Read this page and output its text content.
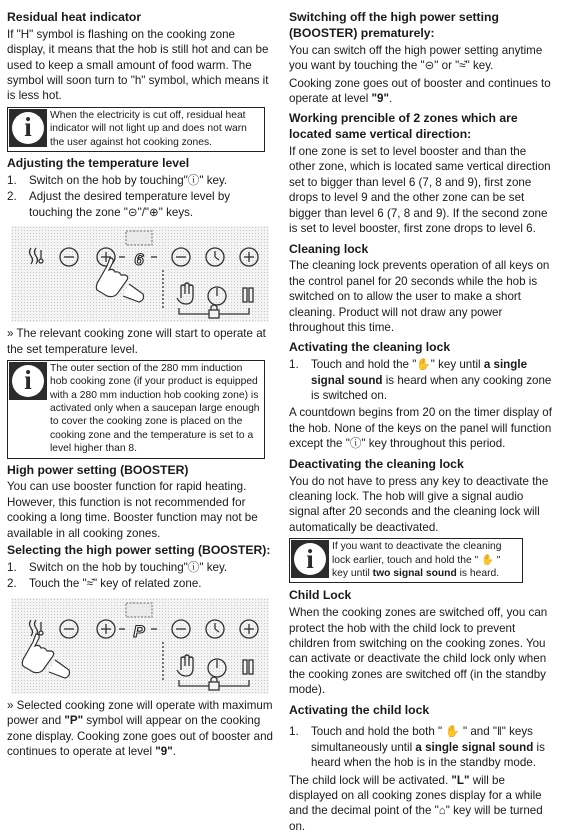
Residual heat indicator

If "H" symbol is flashing on the cooking zone display, it means that the hob is still hot and can be used to keep a small amount of food warm. The symbol will soon turn to "h" symbol, which means it is less hot.

i	When the electricity is cut off, residual heat indicator will not light up and does not warn the user against hot cooking zones.
Adjusting the temperature level
1. Switch on the hob by touching"ⓘ" key.
2. Adjust the desired temperature level by touching the zone "⊝"/"⊕" keys.
6

» The relevant cooking zone will start to operate at the set temperature level.

i	The outer section of the 280 mm induction hob cooking zone (if your product is equipped with a 280 mm induction hob cooking zone) is activated only when a saucepan large enough to cover the cooking zone is placed on the cooking zone and the temperature is set to a level higher than 8.
High power setting (BOOSTER)

You can use booster function for rapid heating. However, this function is not recommended for cooking a long time. Booster function may not be available in all cooking zones.

Selecting the high power setting (BOOSTER):
1. Switch on the hob by touching"ⓘ" key.
2. Touch the "≈̆" key of related zone.
P

» Selected cooking zone will operate with maximum power and "P" symbol will appear on the cooking zone display. Cooking zone goes out of booster and continues to operate at level "9".

Switching off the high power setting (BOOSTER) prematurely:

You can switch off the high power setting anytime you want by touching the "⊝" or "≈̆" key.

Cooking zone goes out of booster and continues to operate at level "9".

Working prencible of 2 zones which are located same vertical direction:

If one zone is set to level booster and than the other zone, which is located same vertical direction set to bigger than level 6 (7, 8 and 9), first zone drops to level 9 and the other zone can be set bigger than level 6 (7, 8 and 9). If the second zone is set to level booster, first zone drops to level 6.

Cleaning lock

The cleaning lock prevents operation of all keys on the control panel for 20 seconds while the hob is switched on to allow the user to make a short cleaning. Product will not draw any power throughout this time.

Activating the cleaning lock
1. Touch and hold the "✋" key until a single signal sound is heard when any cooking zone is switched on.

A countdown begins from 20 on the timer display of the hob. None of the keys on the panel will function except the "ⓘ" key throughout this period.

Deactivating the cleaning lock

You do not have to press any key to deactivate the cleaning lock. The hob will give a signal audio signal after 20 seconds and the cleaning lock will automatically be deactivated.

i	If you want to deactivate the cleaning lock earlier, touch and hold the " ✋ " key until two signal sound is heard.
Child Lock

When the cooking zones are switched off, you can protect the hob with the child lock to prevent children from switching on the cooking zones. You can activate or deactivate the child lock only when the cooking zones are switched off (in the standby mode).

Activating the child lock
1. Touch and hold the both " ✋ " and "‖" keys simultaneously until a single signal sound is heard when the hob is in the standby mode.

The child lock will be activated. "L" will be displayed on all cooking zones display for a while and the decimal point of the "⌂" key will be turned on.
